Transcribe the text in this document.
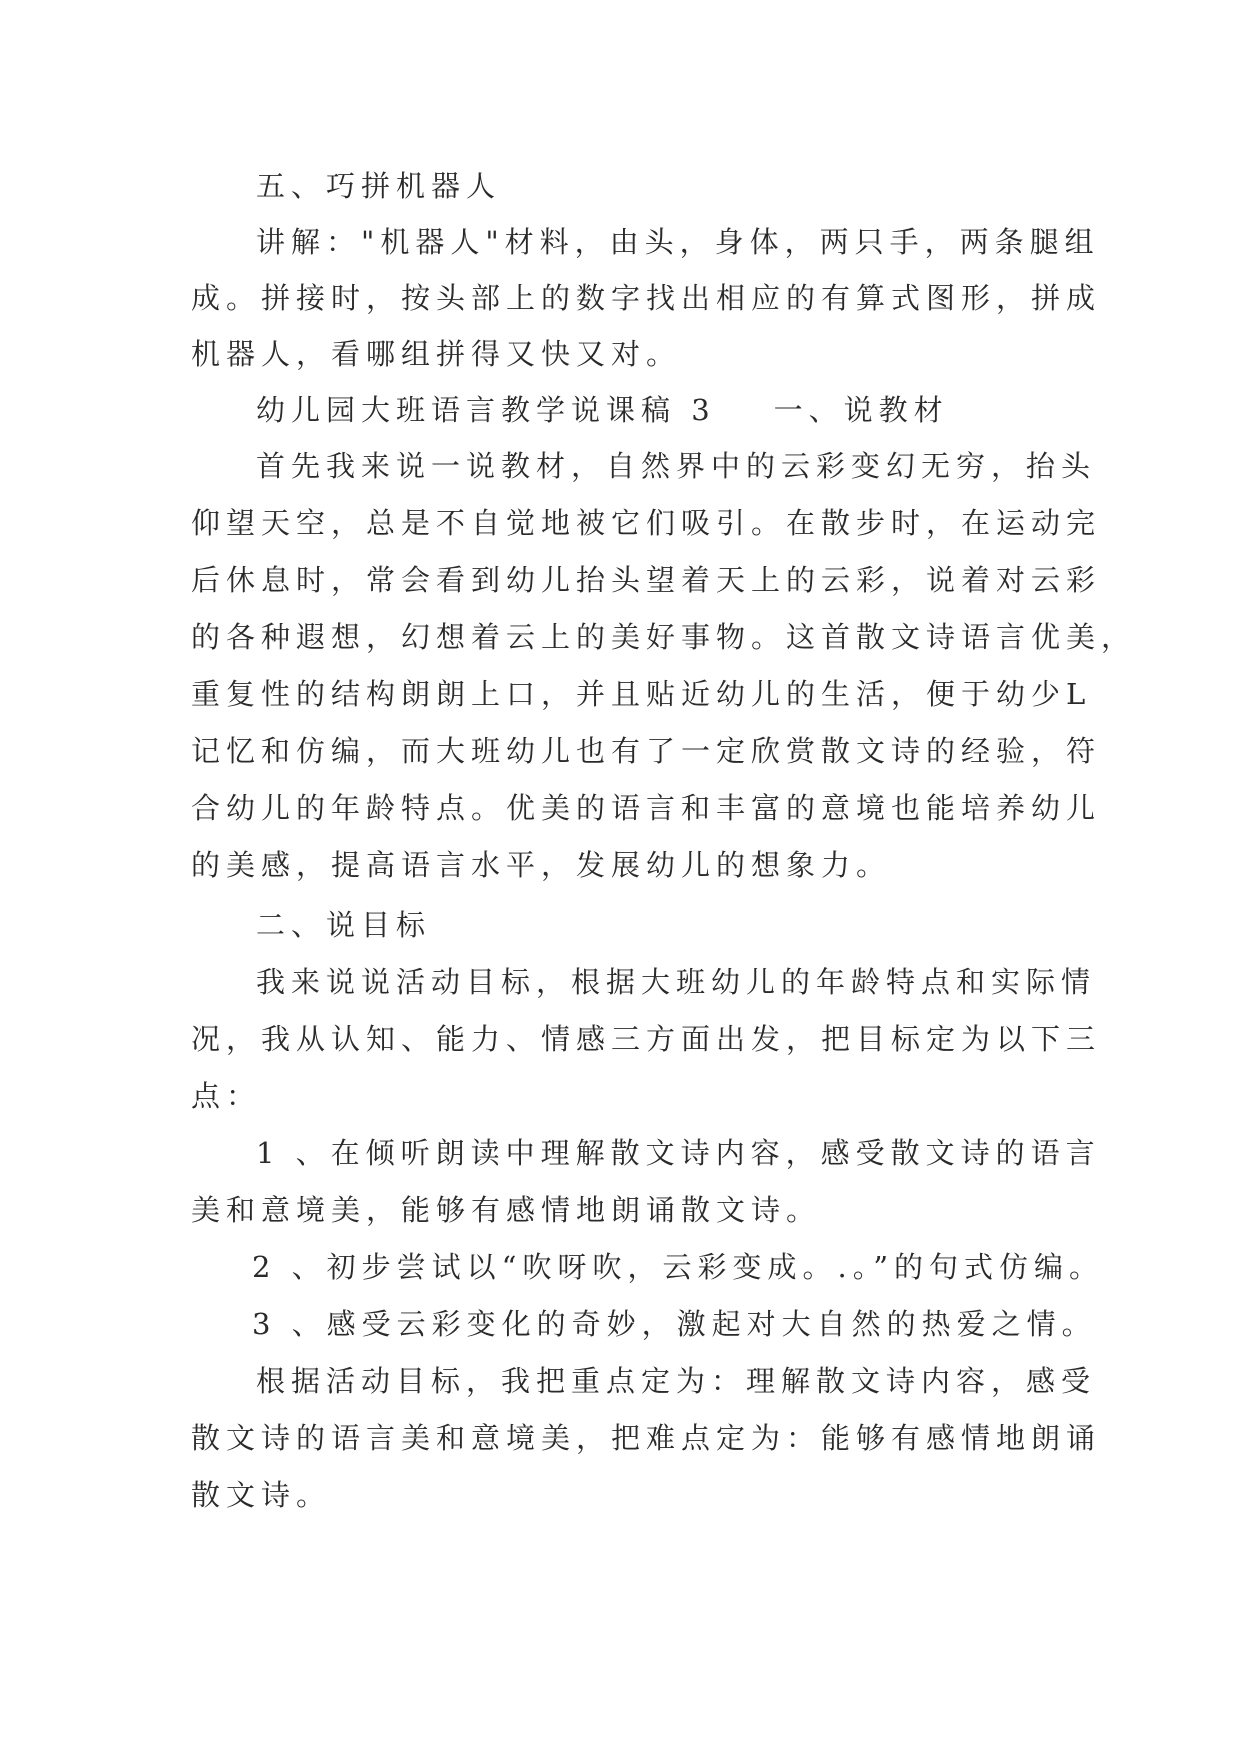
五、巧拼机器人

讲解："机器人"材料，由头，身体，两只手，两条腿组

成。拼接时，按头部上的数字找出相应的有算式图形，拼成

机器人，看哪组拼得又快又对。

幼儿园大班语言教学说课稿 3 一、说教材

首先我来说一说教材，自然界中的云彩变幻无穷，抬头

仰望天空，总是不自觉地被它们吸引。在散步时，在运动完

后休息时，常会看到幼儿抬头望着天上的云彩，说着对云彩

的各种遐想，幻想着云上的美好事物。这首散文诗语言优美，

重复性的结构朗朗上口，并且贴近幼儿的生活，便于幼少L

记忆和仿编，而大班幼儿也有了一定欣赏散文诗的经验，符

合幼儿的年龄特点。优美的语言和丰富的意境也能培养幼儿

的美感，提高语言水平，发展幼儿的想象力。

二、说目标

我来说说活动目标，根据大班幼儿的年龄特点和实际情

况，我从认知、能力、情感三方面出发，把目标定为以下三

点：

1 、在倾听朗读中理解散文诗内容，感受散文诗的语言

美和意境美，能够有感情地朗诵散文诗。

2 、初步尝试以“吹呀吹，云彩变成。.。”的句式仿编。

3 、感受云彩变化的奇妙，激起对大自然的热爱之情。

根据活动目标，我把重点定为：理解散文诗内容，感受

散文诗的语言美和意境美，把难点定为：能够有感情地朗诵

散文诗。
